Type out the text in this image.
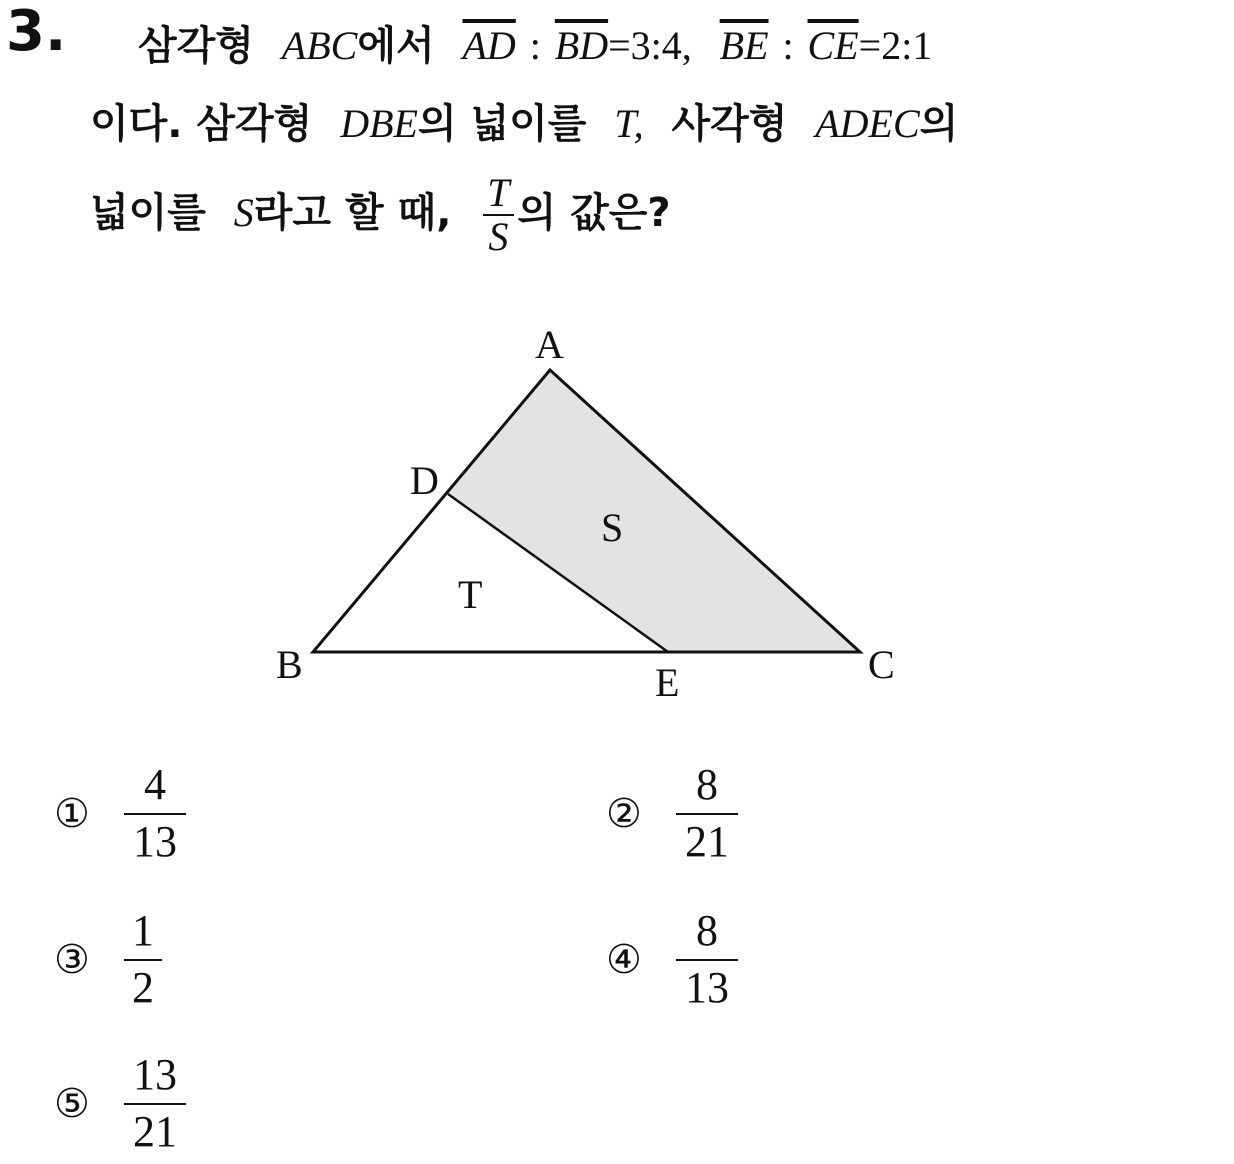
3. 삼각형 ABC에서 $\overline{AD}$ : $\overline{BD}=3:4$, $\overline{BE}$ : $\overline{CE}=2:1$
이다. 삼각형 DBE의 넓이를 T, 사각형 ADEC의
넓이를 S라고 할 때, $\frac{T}{S}$ 의 값은?
A
D
B	E	C
T
S
① $\frac{4}{13}$	② $\frac{8}{21}$
③ $\frac{1}{2}$	④ $\frac{8}{13}$
⑤ $\frac{13}{21}$
